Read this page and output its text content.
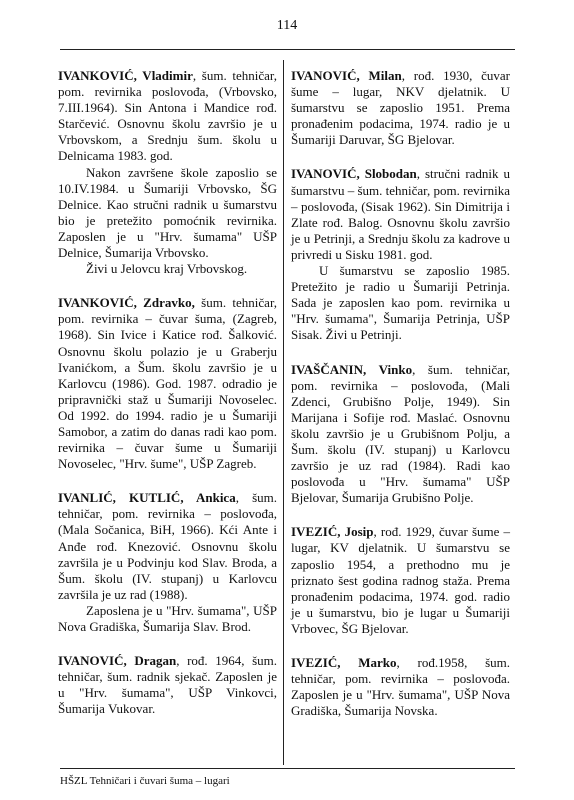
114

IVANKOVIĆ, Vladimir, šum. tehničar, pom. revirnika poslovođa, (Vrbovsko, 7.III.1964). Sin Antona i Mandice rođ. Starčević. Osnovnu školu završio je u Vrbovskom, a Srednju šum. školu u Delnicama 1983. god.

Nakon završene škole zaposlio se 10.IV.1984. u Šumariji Vrbovsko, ŠG Delnice. Kao stručni radnik u šumarstvu bio je pretežito pomoćnik revirnika. Zaposlen je u "Hrv. šumama" UŠP Delnice, Šumarija Vrbovsko.

Živi u Jelovcu kraj Vrbovskog.

IVANKOVIĆ, Zdravko, šum. tehničar, pom. revirnika – čuvar šuma, (Zagreb, 1968). Sin Ivice i Katice rođ. Šalković. Osnovnu školu polazio je u Graberju Ivanićkom, a Šum. školu završio je u Karlovcu (1986). God. 1987. odradio je pripravnički staž u Šumariji Novoselec. Od 1992. do 1994. radio je u Šumariji Samobor, a zatim do danas radi kao pom. revirnika – čuvar šume u Šumariji Novoselec, "Hrv. šume", UŠP Zagreb.

IVANLIĆ, KUTLIĆ, Ankica, šum. tehničar, pom. revirnika – poslovođa, (Mala Sočanica, BiH, 1966). Kći Ante i Anđe rođ. Knezović. Osnovnu školu završila je u Podvinju kod Slav. Broda, a Šum. školu (IV. stupanj) u Karlovcu završila je uz rad (1988).

Zaposlena je u "Hrv. šumama", UŠP Nova Gradiška, Šumarija Slav. Brod.

IVANOVIĆ, Dragan, rođ. 1964, šum. tehničar, šum. radnik sjekač. Zaposlen je u "Hrv. šumama", UŠP Vinkovci, Šumarija Vukovar.

IVANOVIĆ, Milan, rođ. 1930, čuvar šume – lugar, NKV djelatnik. U šumarstvu se zaposlio 1951. Prema pronađenim podacima, 1974. radio je u Šumariji Daruvar, ŠG Bjelovar.

IVANOVIĆ, Slobodan, stručni radnik u šumarstvu – šum. tehničar, pom. revirnika – poslovođa, (Sisak 1962). Sin Dimitrija i Zlate rođ. Balog. Osnovnu školu završio je u Petrinji, a Srednju školu za kadrove u privredi u Sisku 1981. god.

U šumarstvu se zaposlio 1985. Pretežito je radio u Šumariji Petrinja. Sada je zaposlen kao pom. revirnika u "Hrv. šumama", Šumarija Petrinja, UŠP Sisak. Živi u Petrinji.

IVAŠČANIN, Vinko, šum. tehničar, pom. revirnika – poslovođa, (Mali Zdenci, Grubišno Polje, 1949). Sin Marijana i Sofije rođ. Maslać. Osnovnu školu završio je u Grubišnom Polju, a Šum. školu (IV. stupanj) u Karlovcu završio je uz rad (1984). Radi kao poslovođa u "Hrv. šumama" UŠP Bjelovar, Šumarija Grubišno Polje.

IVEZIĆ, Josip, rođ. 1929, čuvar šume – lugar, KV djelatnik. U šumarstvu se zaposlio 1954, a prethodno mu je priznato šest godina radnog staža. Prema pronađenim podacima, 1974. god. radio je u šumarstvu, bio je lugar u Šumariji Vrbovec, ŠG Bjelovar.

IVEZIĆ, Marko, rođ.1958, šum. tehničar, pom. revirnika – poslovođa. Zaposlen je u "Hrv. šumama", UŠP Nova Gradiška, Šumarija Novska.

HŠZL Tehničari i čuvari šuma – lugari
